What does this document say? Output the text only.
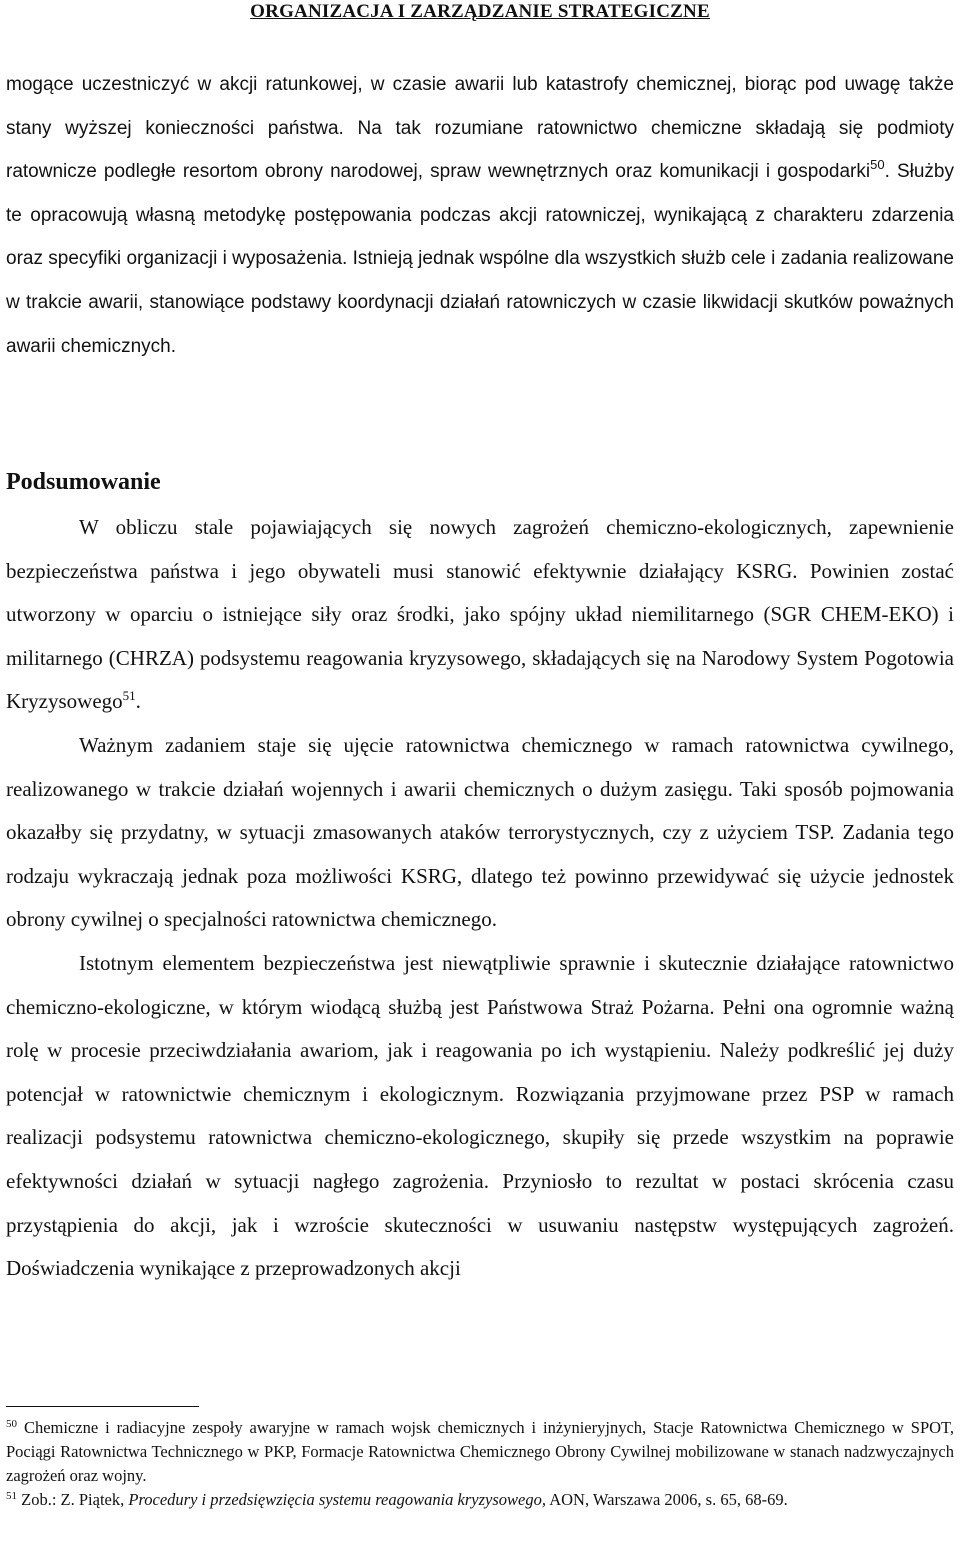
ORGANIZACJA I ZARZĄDZANIE STRATEGICZNE

mogące uczestniczyć w akcji ratunkowej, w czasie awarii lub katastrofy chemicznej, biorąc pod uwagę także stany wyższej konieczności państwa. Na tak rozumiane ratownictwo chemiczne składają się podmioty ratownicze podległe resortom obrony narodowej, spraw wewnętrznych oraz komunikacji i gospodarki$^{50}$. Służby te opracowują własną metodykę postępowania podczas akcji ratowniczej, wynikającą z charakteru zdarzenia oraz specyfiki organizacji i wyposażenia. Istnieją jednak wspólne dla wszystkich służb cele i zadania realizowane w trakcie awarii, stanowiące podstawy koordynacji działań ratowniczych w czasie likwidacji skutków poważnych awarii chemicznych.

Podsumowanie

W obliczu stale pojawiających się nowych zagrożeń chemiczno-ekologicznych, zapewnienie bezpieczeństwa państwa i jego obywateli musi stanowić efektywnie działający KSRG. Powinien zostać utworzony w oparciu o istniejące siły oraz środki, jako spójny układ niemilitarnego (SGR CHEM-EKO) i militarnego (CHRZA) podsystemu reagowania kryzysowego, składających się na Narodowy System Pogotowia Kryzysowego$^{51}$.

Ważnym zadaniem staje się ujęcie ratownictwa chemicznego w ramach ratownictwa cywilnego, realizowanego w trakcie działań wojennych i awarii chemicznych o dużym zasięgu. Taki sposób pojmowania okazałby się przydatny, w sytuacji zmasowanych ataków terrorystycznych, czy z użyciem TSP. Zadania tego rodzaju wykraczają jednak poza możliwości KSRG, dlatego też powinno przewidywać się użycie jednostek obrony cywilnej o specjalności ratownictwa chemicznego.

Istotnym elementem bezpieczeństwa jest niewątpliwie sprawnie i skutecznie działające ratownictwo chemiczno-ekologiczne, w którym wiodącą służbą jest Państwowa Straż Pożarna. Pełni ona ogromnie ważną rolę w procesie przeciwdziałania awariom, jak i reagowania po ich wystąpieniu. Należy podkreślić jej duży potencjał w ratownictwie chemicznym i ekologicznym. Rozwiązania przyjmowane przez PSP w ramach realizacji podsystemu ratownictwa chemiczno-ekologicznego, skupiły się przede wszystkim na poprawie efektywności działań w sytuacji nagłego zagrożenia. Przyniosło to rezultat w postaci skrócenia czasu przystąpienia do akcji, jak i wzroście skuteczności w usuwaniu następstw występujących zagrożeń. Doświadczenia wynikające z przeprowadzonych akcji

$^{50}$ Chemiczne i radiacyjne zespoły awaryjne w ramach wojsk chemicznych i inżynieryjnych, Stacje Ratownictwa Chemicznego w SPOT, Pociągi Ratownictwa Technicznego w PKP, Formacje Ratownictwa Chemicznego Obrony Cywilnej mobilizowane w stanach nadzwyczajnych zagrożeń oraz wojny.

$^{51}$ Zob.: Z. Piątek, Procedury i przedsięwzięcia systemu reagowania kryzysowego, AON, Warszawa 2006, s. 65, 68-69.
